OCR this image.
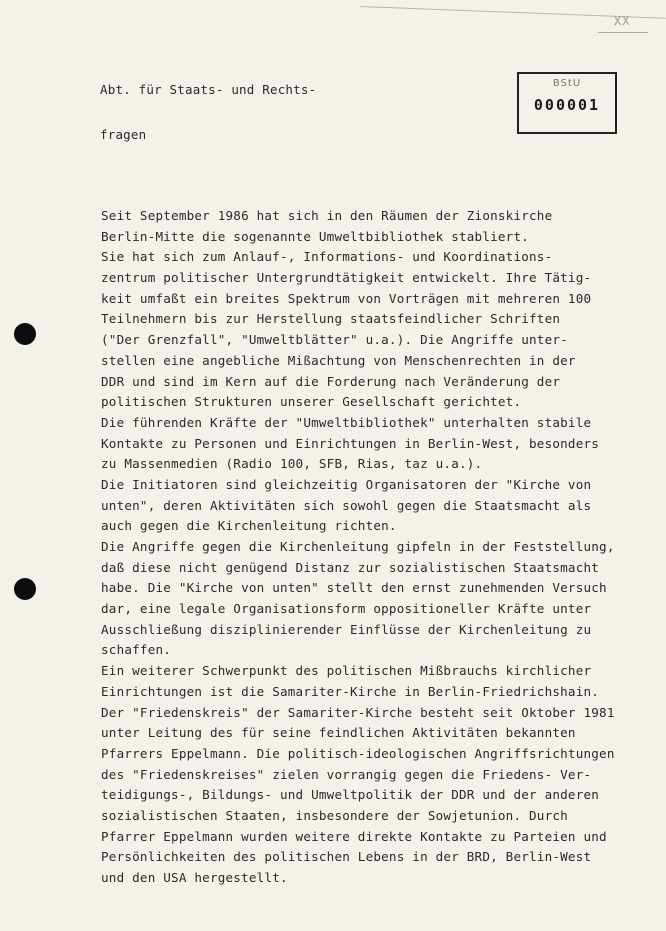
XX

Abt. für Staats- und Rechts-

fragen

BStU
000001
Seit September 1986 hat sich in den Räumen der Zionskirche
Berlin-Mitte die sogenannte Umweltbibliothek stabliert.
Sie hat sich zum Anlauf-, Informations- und Koordinations-
zentrum politischer Untergrundtätigkeit entwickelt. Ihre Tätig-
keit umfaßt ein breites Spektrum von Vorträgen mit mehreren 100
Teilnehmern bis zur Herstellung staatsfeindlicher Schriften
("Der Grenzfall", "Umweltblätter" u.a.). Die Angriffe unter-
stellen eine angebliche Mißachtung von Menschenrechten in der
DDR und sind im Kern auf die Forderung nach Veränderung der
politischen Strukturen unserer Gesellschaft gerichtet.
Die führenden Kräfte der "Umweltbibliothek" unterhalten stabile
Kontakte zu Personen und Einrichtungen in Berlin-West, besonders
zu Massenmedien (Radio 100, SFB, Rias, taz u.a.).
Die Initiatoren sind gleichzeitig Organisatoren der "Kirche von
unten", deren Aktivitäten sich sowohl gegen die Staatsmacht als
auch gegen die Kirchenleitung richten.
Die Angriffe gegen die Kirchenleitung gipfeln in der Feststellung,
daß diese nicht genügend Distanz zur sozialistischen Staatsmacht
habe. Die "Kirche von unten" stellt den ernst zunehmenden Versuch
dar, eine legale Organisationsform oppositioneller Kräfte unter
Ausschließung disziplinierender Einflüsse der Kirchenleitung zu
schaffen.
Ein weiterer Schwerpunkt des politischen Mißbrauchs kirchlicher
Einrichtungen ist die Samariter-Kirche in Berlin-Friedrichshain.
Der "Friedenskreis" der Samariter-Kirche besteht seit Oktober 1981
unter Leitung des für seine feindlichen Aktivitäten bekannten
Pfarrers Eppelmann. Die politisch-ideologischen Angriffsrichtungen
des "Friedenskreises" zielen vorrangig gegen die Friedens- Ver-
teidigungs-, Bildungs- und Umweltpolitik der DDR und der anderen
sozialistischen Staaten, insbesondere der Sowjetunion. Durch
Pfarrer Eppelmann wurden weitere direkte Kontakte zu Parteien und
Persönlichkeiten des politischen Lebens in der BRD, Berlin-West
und den USA hergestellt.
